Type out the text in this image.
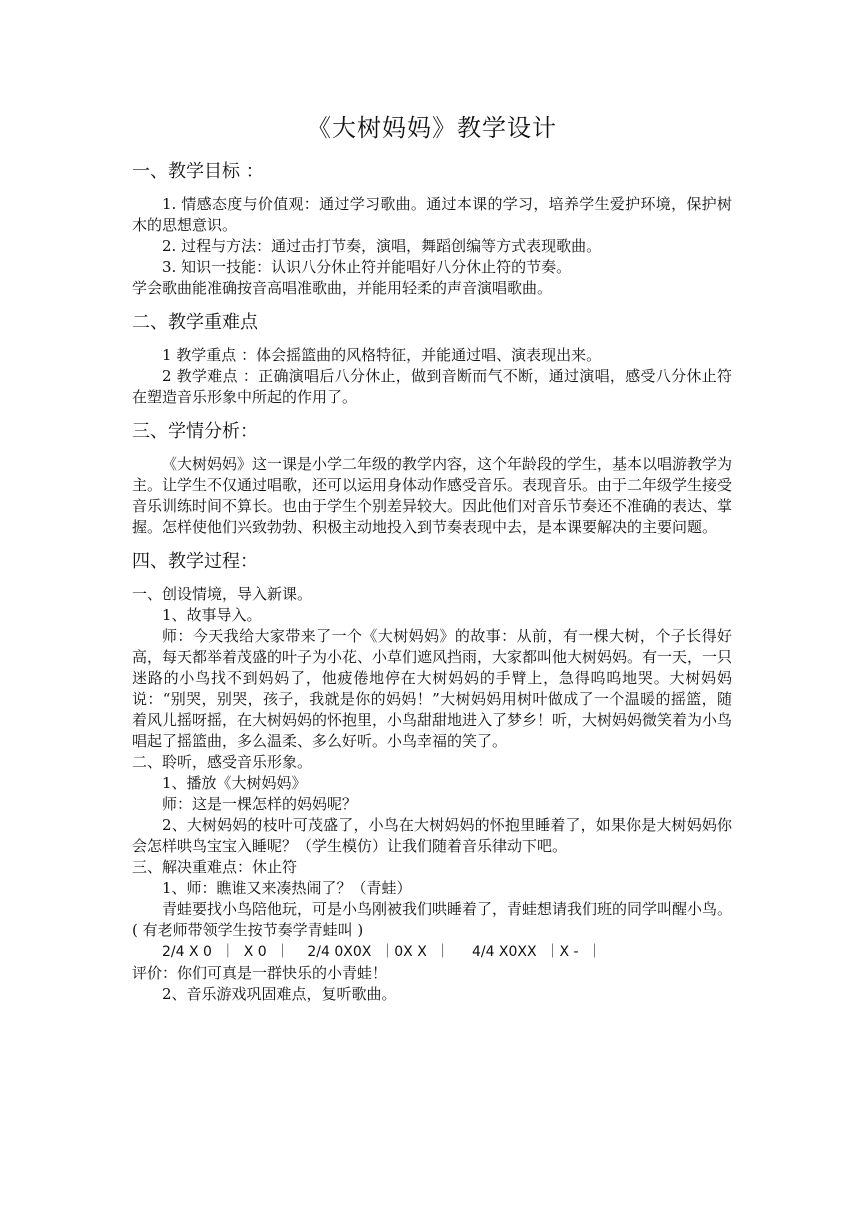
《大树妈妈》教学设计
一、教学目标 ：

1. 情感态度与价值观：通过学习歌曲。通过本课的学习，培养学生爱护环境，保护树木的思想意识。

2. 过程与方法：通过击打节奏，演唱，舞蹈创编等方式表现歌曲。

3. 知识一技能：认识八分休止符并能唱好八分休止符的节奏。

学会歌曲能准确按音高唱准歌曲，并能用轻柔的声音演唱歌曲。

二、教学重难点

1 教学重点 ：体会摇篮曲的风格特征，并能通过唱、演表现出来。

2 教学难点 ：正确演唱后八分休止，做到音断而气不断，通过演唱，感受八分休止符在塑造音乐形象中所起的作用了。

三、学情分析：

《大树妈妈》这一课是小学二年级的教学内容，这个年龄段的学生，基本以唱游教学为主。让学生不仅通过唱歌，还可以运用身体动作感受音乐。表现音乐。由于二年级学生接受音乐训练时间不算长。也由于学生个别差异较大。因此他们对音乐节奏还不准确的表达、掌握。怎样使他们兴致勃勃、积极主动地投入到节奏表现中去，是本课要解决的主要问题。

四、教学过程：

一、创设情境，导入新课。

1、故事导入。

师：今天我给大家带来了一个《大树妈妈》的故事：从前，有一棵大树，个子长得好高，每天都举着茂盛的叶子为小花、小草们遮风挡雨，大家都叫他大树妈妈。有一天，一只迷路的小鸟找不到妈妈了，他疲倦地停在大树妈妈的手臂上，急得呜呜地哭。大树妈妈说：“别哭，别哭，孩子，我就是你的妈妈！”大树妈妈用树叶做成了一个温暖的摇篮，随着风儿摇呀摇，在大树妈妈的怀抱里，小鸟甜甜地进入了梦乡！听，大树妈妈微笑着为小鸟唱起了摇篮曲，多么温柔、多么好听。小鸟幸福的笑了。

二、聆听，感受音乐形象。

1、播放《大树妈妈》

师：这是一棵怎样的妈妈呢？

2、大树妈妈的枝叶可茂盛了，小鸟在大树妈妈的怀抱里睡着了，如果你是大树妈妈你会怎样哄鸟宝宝入睡呢？（学生模仿）让我们随着音乐律动下吧。

三、解决重难点：休止符

1、师：瞧谁又来凑热闹了？（青蛙）

青蛙要找小鸟陪他玩，可是小鸟刚被我们哄睡着了，青蛙想请我们班的同学叫醒小鸟。 ( 有老师带领学生按节奏学青蛙叫 )

2/4 X 0  ｜  X 0  ｜    2/4 0X0X  ｜0X X  ｜     4/4 X0XX  ｜X -  ｜

评价：你们可真是一群快乐的小青蛙！

2、音乐游戏巩固难点，复听歌曲。
